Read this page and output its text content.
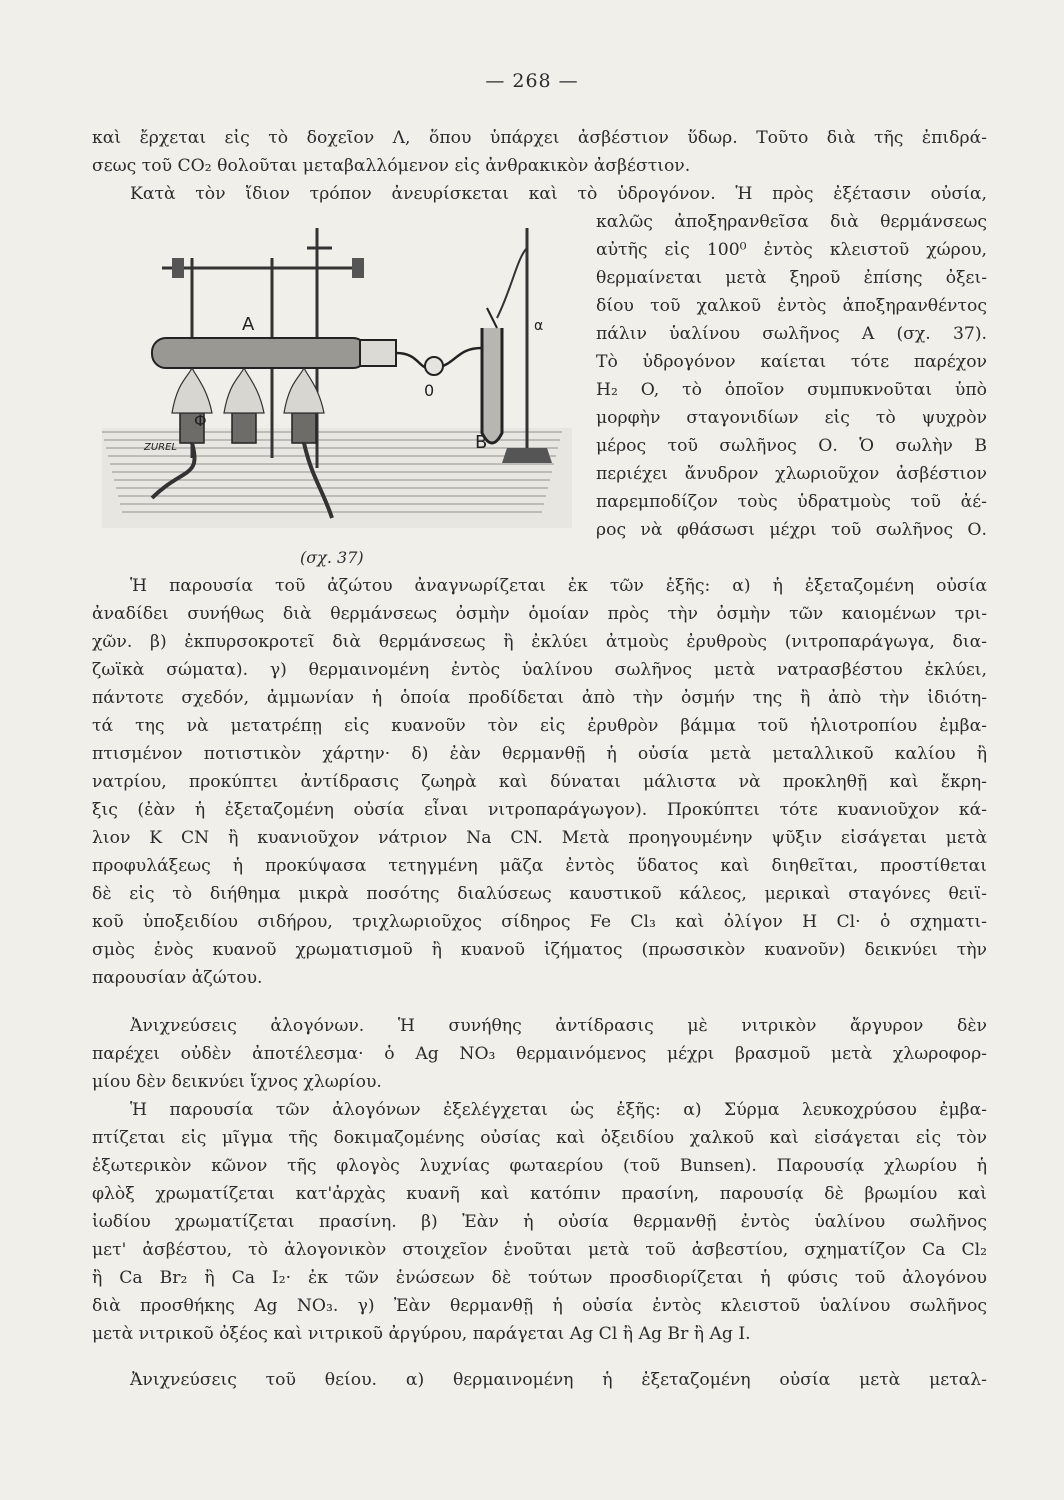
— 268 —
καὶ ἔρχεται εἰς τὸ δοχεῖον Λ, ὅπου ὑπάρχει ἀσβέστιον ὕδωρ. Τοῦτο διὰ τῆς ἐπιδρά-
σεως τοῦ CO₂ θολοῦται μεταβαλλόμενον εἰς ἀνθρακικὸν ἀσβέστιον.
Κατὰ τὸν ἴδιον τρόπον ἀνευρίσκεται καὶ τὸ ὑδρογόνον. Ἡ πρὸς ἐξέτασιν οὐσία,
A
B
0
Φ
ZUREL
α
(σχ. 37)
καλῶς ἀποξηρανθεῖσα διὰ θερμάνσεως
αὐτῆς εἰς 100⁰ ἐντὸς κλειστοῦ χώρου,
θερμαίνεται μετὰ ξηροῦ ἐπίσης ὀξει-
δίου τοῦ χαλκοῦ ἐντὸς ἀποξηρανθέντος
πάλιν ὑαλίνου σωλῆνος Α (σχ. 37).
Τὸ ὑδρογόνον καίεται τότε παρέχον
H₂ O, τὸ ὁποῖον συμπυκνοῦται ὑπὸ
μορφὴν σταγονιδίων εἰς τὸ ψυχρὸν
μέρος τοῦ σωλῆνος Ο. Ὁ σωλὴν Β
περιέχει ἄνυδρον χλωριοῦχον ἀσβέστιον
παρεμποδίζον τοὺς ὑδρατμοὺς τοῦ ἀέ-
ρος νὰ φθάσωσι μέχρι τοῦ σωλῆνος Ο.
Ἡ παρουσία τοῦ ἀζώτου ἀναγνωρίζεται ἐκ τῶν ἑξῆς: α) ἡ ἐξεταζομένη οὐσία
ἀναδίδει συνήθως διὰ θερμάνσεως ὀσμὴν ὁμοίαν πρὸς τὴν ὀσμὴν τῶν καιομένων τρι-
χῶν. β) ἐκπυρσοκροτεῖ διὰ θερμάνσεως ἢ ἐκλύει ἀτμοὺς ἐρυθροὺς (νιτροπαράγωγα, δια-
ζωϊκὰ σώματα). γ) θερμαινομένη ἐντὸς ὑαλίνου σωλῆνος μετὰ νατρασβέστου ἐκλύει,
πάντοτε σχεδόν, ἀμμωνίαν ἡ ὁποία προδίδεται ἀπὸ τὴν ὀσμήν της ἢ ἀπὸ τὴν ἰδιότη-
τά της νὰ μετατρέπῃ εἰς κυανοῦν τὸν εἰς ἐρυθρὸν βάμμα τοῦ ἡλιοτροπίου ἐμβα-
πτισμένον ποτιστικὸν χάρτην· δ) ἐὰν θερμανθῇ ἡ οὐσία μετὰ μεταλλικοῦ καλίου ἢ
νατρίου, προκύπτει ἀντίδρασις ζωηρὰ καὶ δύναται μάλιστα νὰ προκληθῇ καὶ ἔκρη-
ξις (ἐὰν ἡ ἐξεταζομένη οὐσία εἶναι νιτροπαράγωγον). Προκύπτει τότε κυανιοῦχον κά-
λιον K CN ἢ κυανιοῦχον νάτριον Na CN. Μετὰ προηγουμένην ψῦξιν εἰσάγεται μετὰ
προφυλάξεως ἡ προκύψασα τετηγμένη μᾶζα ἐντὸς ὕδατος καὶ διηθεῖται, προστίθεται
δὲ εἰς τὸ διήθημα μικρὰ ποσότης διαλύσεως καυστικοῦ κάλεος, μερικαὶ σταγόνες θειϊ-
κοῦ ὑποξειδίου σιδήρου, τριχλωριοῦχος σίδηρος Fe Cl₃ καὶ ὀλίγον H Cl· ὁ σχηματι-
σμὸς ἑνὸς κυανοῦ χρωματισμοῦ ἢ κυανοῦ ἰζήματος (πρωσσικὸν κυανοῦν) δεικνύει τὴν
παρουσίαν ἀζώτου.
Ἀνιχνεύσεις ἀλογόνων. Ἡ συνήθης ἀντίδρασις μὲ νιτρικὸν ἄργυρον δὲν
παρέχει οὐδὲν ἀποτέλεσμα· ὁ Ag NO₃ θερμαινόμενος μέχρι βρασμοῦ μετὰ χλωροφορ-
μίου δὲν δεικνύει ἴχνος χλωρίου.
Ἡ παρουσία τῶν ἀλογόνων ἐξελέγχεται ὡς ἑξῆς: α) Σύρμα λευκοχρύσου ἐμβα-
πτίζεται εἰς μῖγμα τῆς δοκιμαζομένης οὐσίας καὶ ὀξειδίου χαλκοῦ καὶ εἰσάγεται εἰς τὸν
ἐξωτερικὸν κῶνον τῆς φλογὸς λυχνίας φωταερίου (τοῦ Bunsen). Παρουσίᾳ χλωρίου ἡ
φλὸξ χρωματίζεται κατ'ἀρχὰς κυανῆ καὶ κατόπιν πρασίνη, παρουσίᾳ δὲ βρωμίου καὶ
ἰωδίου χρωματίζεται πρασίνη. β) Ἐὰν ἡ οὐσία θερμανθῇ ἐντὸς ὑαλίνου σωλῆνος
μετ' ἀσβέστου, τὸ ἀλογονικὸν στοιχεῖον ἑνοῦται μετὰ τοῦ ἀσβεστίου, σχηματίζον Ca Cl₂
ἢ Ca Br₂ ἢ Ca I₂· ἐκ τῶν ἑνώσεων δὲ τούτων προσδιορίζεται ἡ φύσις τοῦ ἀλογόνου
διὰ προσθήκης Ag NO₃. γ) Ἐὰν θερμανθῇ ἡ οὐσία ἐντὸς κλειστοῦ ὑαλίνου σωλῆνος
μετὰ νιτρικοῦ ὀξέος καὶ νιτρικοῦ ἀργύρου, παράγεται Ag Cl ἢ Ag Br ἢ Ag I.
Ἀνιχνεύσεις τοῦ θείου. α) θερμαινομένη ἡ ἐξεταζομένη οὐσία μετὰ μεταλ-
